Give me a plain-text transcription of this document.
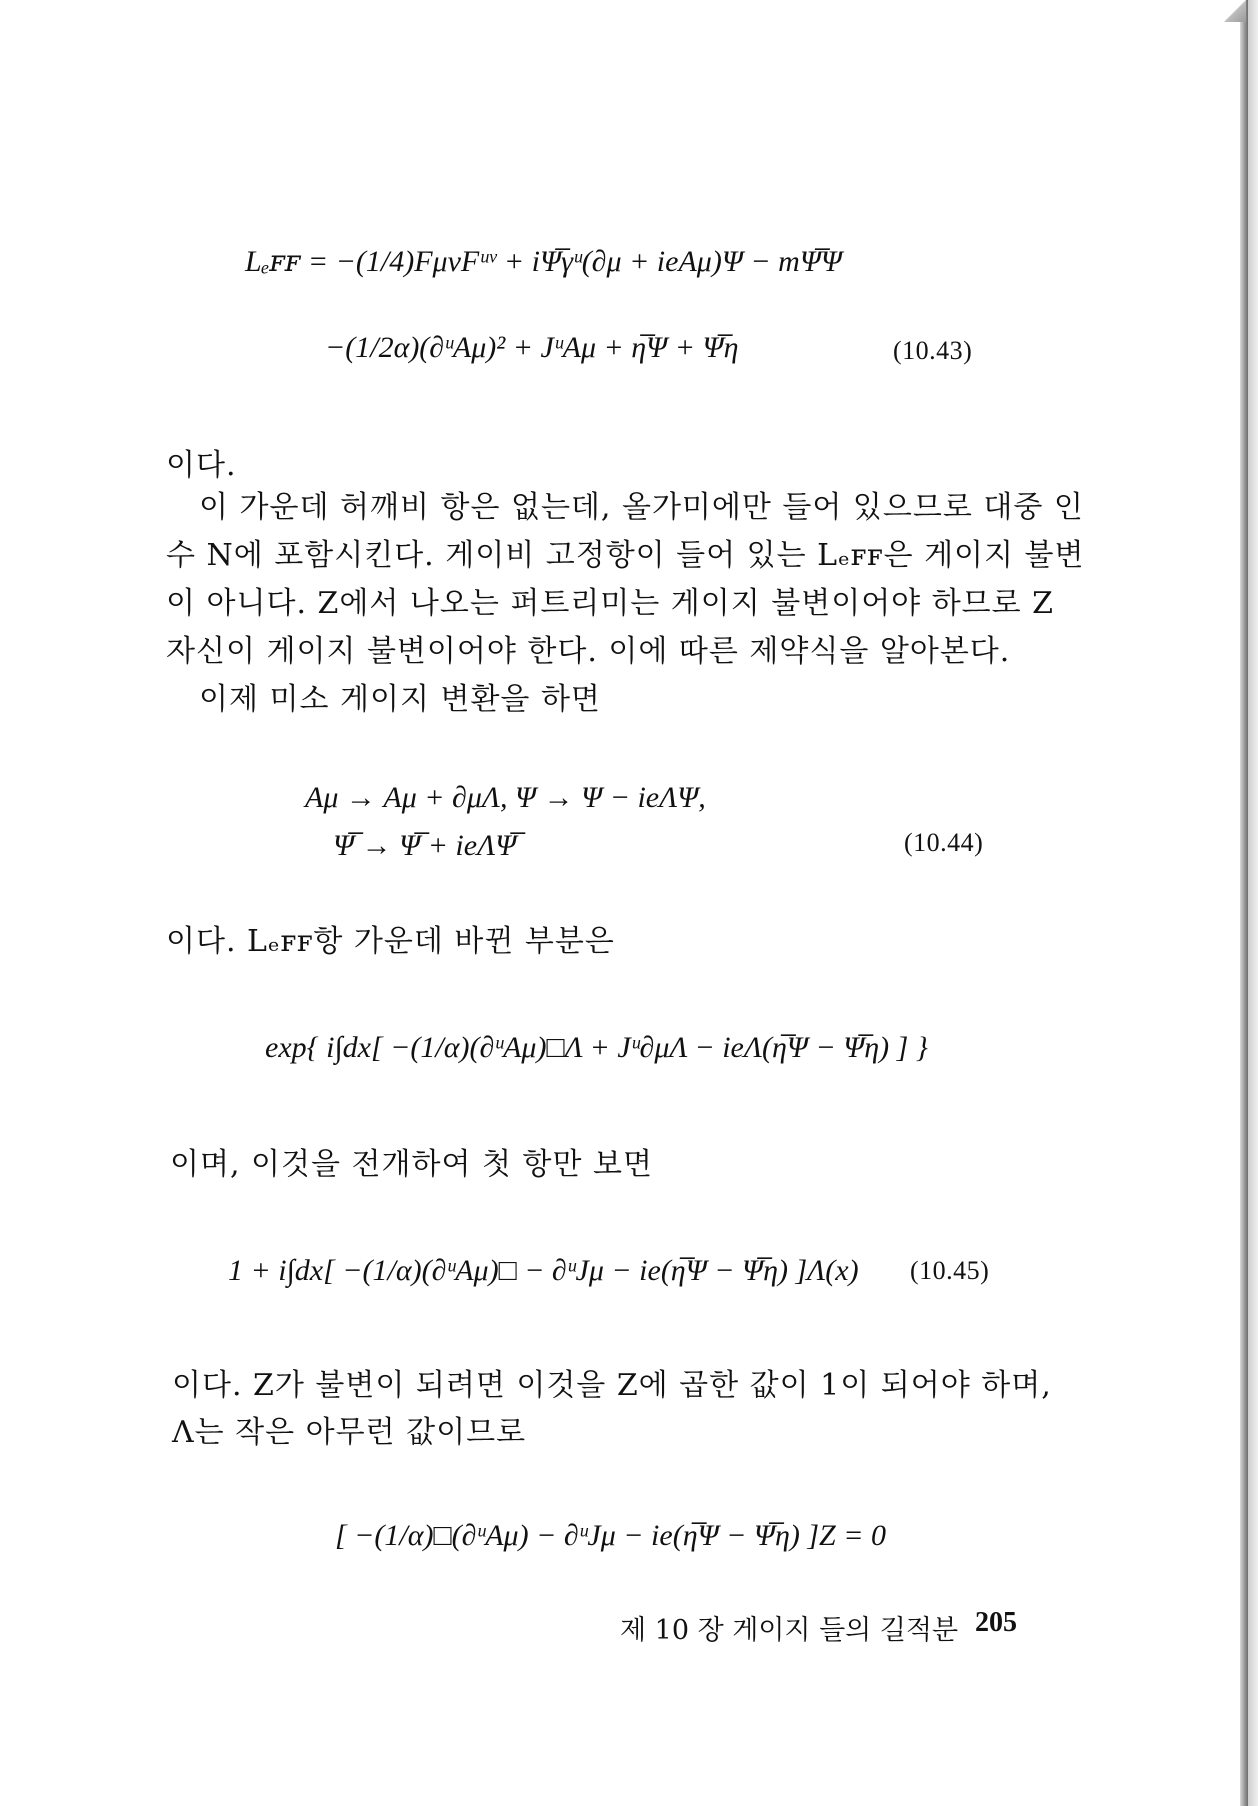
Lₑꜰꜰ = −(1/4)FμνFᵘᵛ + iΨ̅γᵘ(∂μ + ieAμ)Ψ − mΨ̅Ψ
−(1/2α)(∂ᵘAμ)² + JᵘAμ + η̅Ψ + Ψ̅η	(10.43)
이다.
이 가운데 허깨비 항은 없는데, 올가미에만 들어 있으므로 대중 인
수 N에 포함시킨다. 게이비 고정항이 들어 있는 Lₑꜰꜰ은 게이지 불변
이 아니다. Z에서 나오는 퍼트리미는 게이지 불변이어야 하므로 Z
자신이 게이지 불변이어야 한다. 이에 따른 제약식을 알아본다.
이제 미소 게이지 변환을 하면
Aμ → Aμ + ∂μΛ, Ψ → Ψ − ieΛΨ,
Ψ̅ → Ψ̅ + ieΛΨ̅	(10.44)
이다. Lₑꜰꜰ항 가운데 바뀐 부분은
exp{ i∫dx[ −(1/α)(∂ᵘAμ)□Λ + Jᵘ∂μΛ − ieΛ(η̅Ψ − Ψ̅η) ] }
이며, 이것을 전개하여 첫 항만 보면
1 + i∫dx[ −(1/α)(∂ᵘAμ)□ − ∂ᵘJμ − ie(η̅Ψ − Ψ̅η) ]Λ(x) (10.45)
이다. Z가 불변이 되려면 이것을 Z에 곱한 값이 1이 되어야 하며,
Λ는 작은 아무런 값이므로
[ −(1/α)□(∂ᵘAμ) − ∂ᵘJμ − ie(η̅Ψ − Ψ̅η) ]Z = 0
제 10 장 게이지 들의 길적분 205
